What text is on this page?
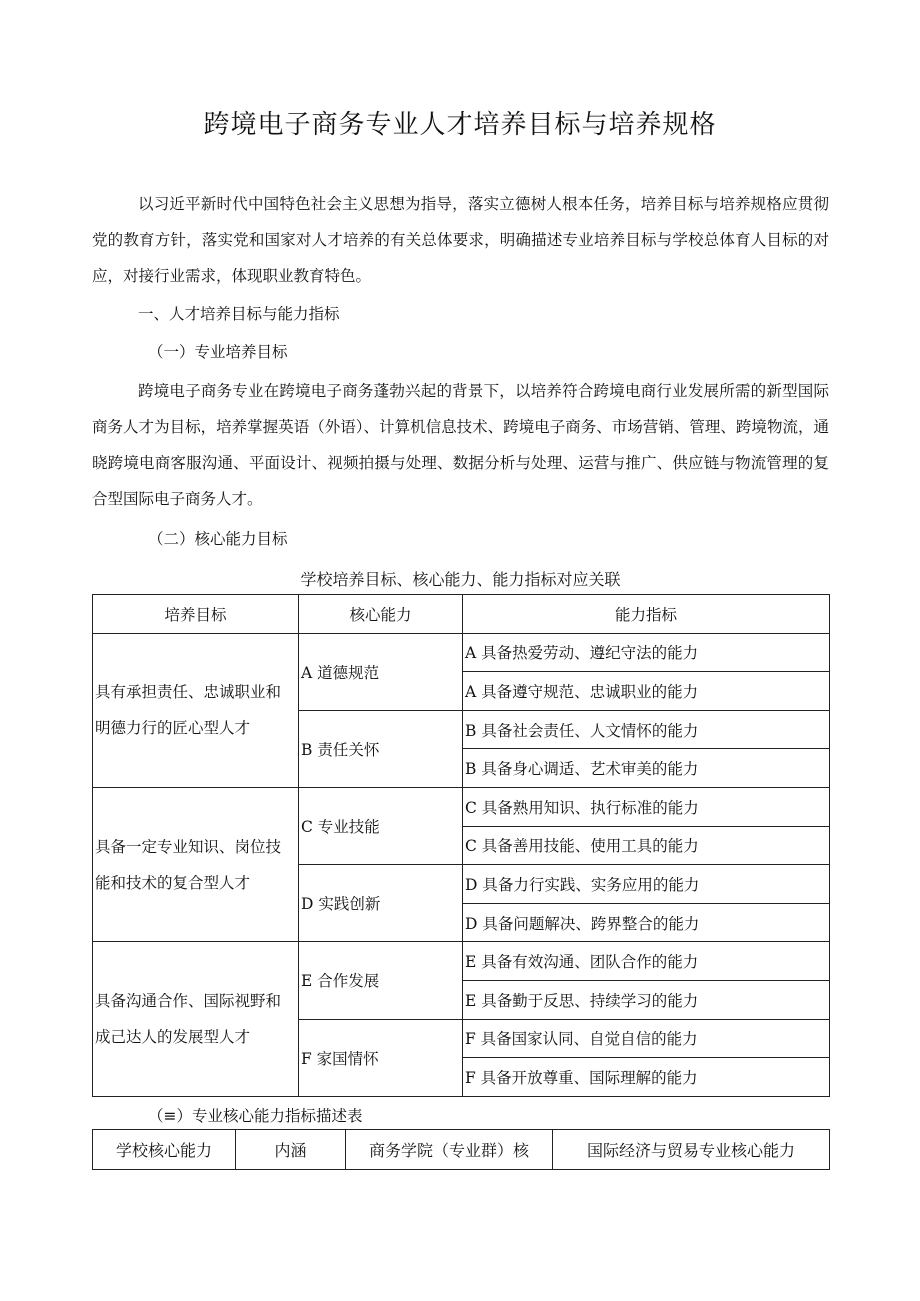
跨境电子商务专业人才培养目标与培养规格

以习近平新时代中国特色社会主义思想为指导，落实立德树人根本任务，培养目标与培养规格应贯彻党的教育方针，落实党和国家对人才培养的有关总体要求，明确描述专业培养目标与学校总体育人目标的对应，对接行业需求，体现职业教育特色。

一、人才培养目标与能力指标
（一）专业培养目标

跨境电子商务专业在跨境电子商务蓬勃兴起的背景下，以培养符合跨境电商行业发展所需的新型国际商务人才为目标，培养掌握英语（外语）、计算机信息技术、跨境电子商务、市场营销、管理、跨境物流，通晓跨境电商客服沟通、平面设计、视频拍摄与处理、数据分析与处理、运营与推广、供应链与物流管理的复合型国际电子商务人才。

（二）核心能力目标
学校培养目标、核心能力、能力指标对应关联
培养目标	核心能力	能力指标
具有承担责任、忠诚职业和明德力行的匠心型人才	A 道德规范	A 具备热爱劳动、遵纪守法的能力
		A 具备遵守规范、忠诚职业的能力
	B 责任关怀	B 具备社会责任、人文情怀的能力
		B 具备身心调适、艺术审美的能力
具备一定专业知识、岗位技能和技术的复合型人才	C 专业技能	C 具备熟用知识、执行标准的能力
		C 具备善用技能、使用工具的能力
	D 实践创新	D 具备力行实践、实务应用的能力
		D 具备问题解决、跨界整合的能力
具备沟通合作、国际视野和成己达人的发展型人才	E 合作发展	E 具备有效沟通、团队合作的能力
		E 具备勤于反思、持续学习的能力
	F 家国情怀	F 具备国家认同、自觉自信的能力
		F 具备开放尊重、国际理解的能力
（≡）专业核心能力指标描述表
学校核心能力	内涵	商务学院（专业群）核	国际经济与贸易专业核心能力
